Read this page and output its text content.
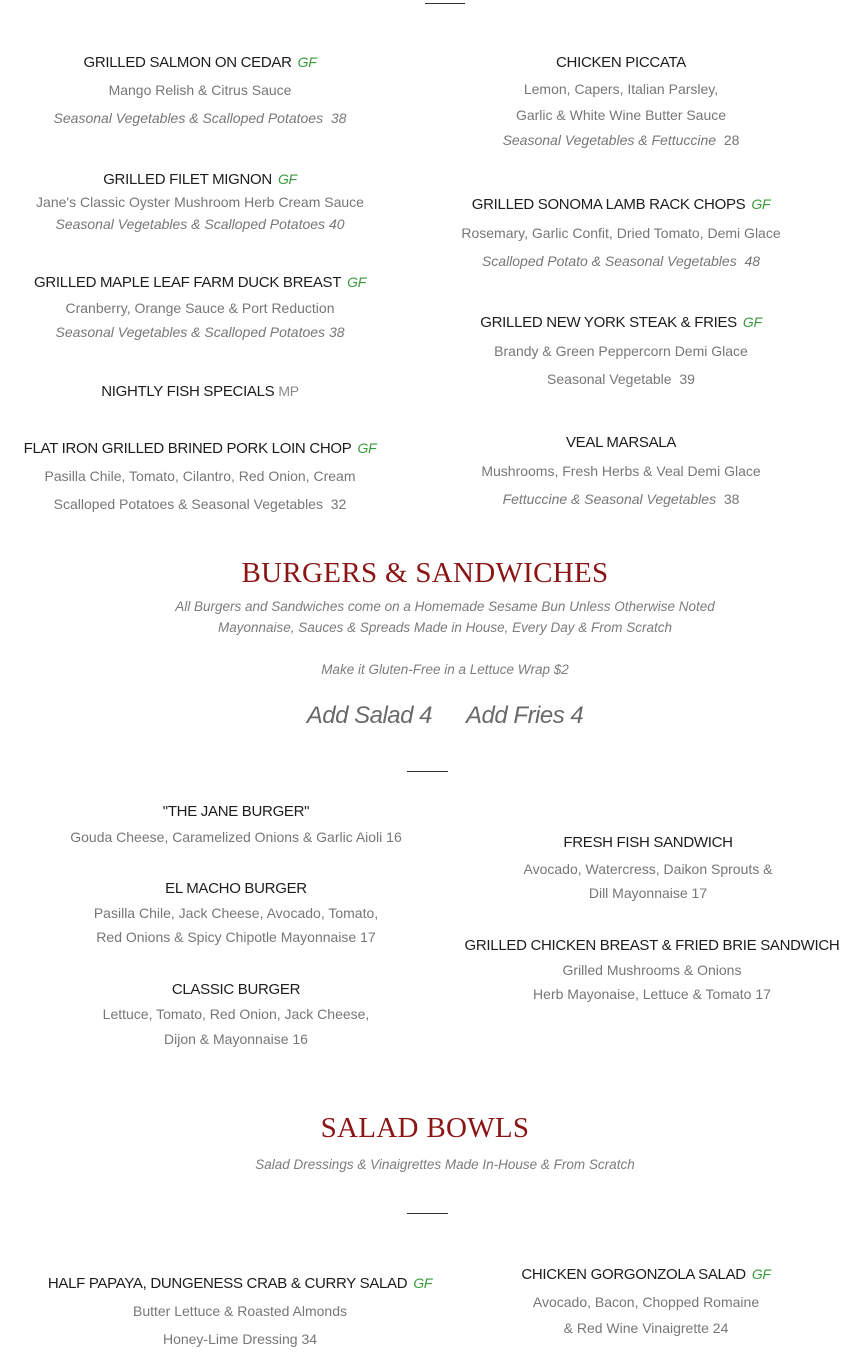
GRILLED SALMON ON CEDAR GF
Mango Relish & Citrus Sauce
Seasonal Vegetables & Scalloped Potatoes 38
GRILLED FILET MIGNON GF
Jane's Classic Oyster Mushroom Herb Cream Sauce
Seasonal Vegetables & Scalloped Potatoes 40
GRILLED MAPLE LEAF FARM DUCK BREAST GF
Cranberry, Orange Sauce & Port Reduction
Seasonal Vegetables & Scalloped Potatoes 38
NIGHTLY FISH SPECIALS MP
FLAT IRON GRILLED BRINED PORK LOIN CHOP GF
Pasilla Chile, Tomato, Cilantro, Red Onion, Cream
Scalloped Potatoes & Seasonal Vegetables 32
CHICKEN PICCATA
Lemon, Capers, Italian Parsley,
Garlic & White Wine Butter Sauce
Seasonal Vegetables & Fettuccine 28
GRILLED SONOMA LAMB RACK CHOPS GF
Rosemary, Garlic Confit, Dried Tomato, Demi Glace
Scalloped Potato & Seasonal Vegetables 48
GRILLED NEW YORK STEAK & FRIES GF
Brandy & Green Peppercorn Demi Glace
Seasonal Vegetable 39
VEAL MARSALA
Mushrooms, Fresh Herbs & Veal Demi Glace
Fettuccine & Seasonal Vegetables 38
BURGERS & SANDWICHES
All Burgers and Sandwiches come on a Homemade Sesame Bun Unless Otherwise Noted
Mayonnaise, Sauces & Spreads Made in House, Every Day & From Scratch
Make it Gluten-Free in a Lettuce Wrap $2
Add Salad 4 Add Fries 4
"THE JANE BURGER"
Gouda Cheese, Caramelized Onions & Garlic Aioli 16
EL MACHO BURGER
Pasilla Chile, Jack Cheese, Avocado, Tomato,
Red Onions & Spicy Chipotle Mayonnaise 17
CLASSIC BURGER
Lettuce, Tomato, Red Onion, Jack Cheese,
Dijon & Mayonnaise 16
FRESH FISH SANDWICH
Avocado, Watercress, Daikon Sprouts &
Dill Mayonnaise 17
GRILLED CHICKEN BREAST & FRIED BRIE SANDWICH
Grilled Mushrooms & Onions
Herb Mayonaise, Lettuce & Tomato 17
SALAD BOWLS
Salad Dressings & Vinaigrettes Made In-House & From Scratch
HALF PAPAYA, DUNGENESS CRAB & CURRY SALAD GF
Butter Lettuce & Roasted Almonds
Honey-Lime Dressing 34
CHICKEN GORGONZOLA SALAD GF
Avocado, Bacon, Chopped Romaine
& Red Wine Vinaigrette 24
